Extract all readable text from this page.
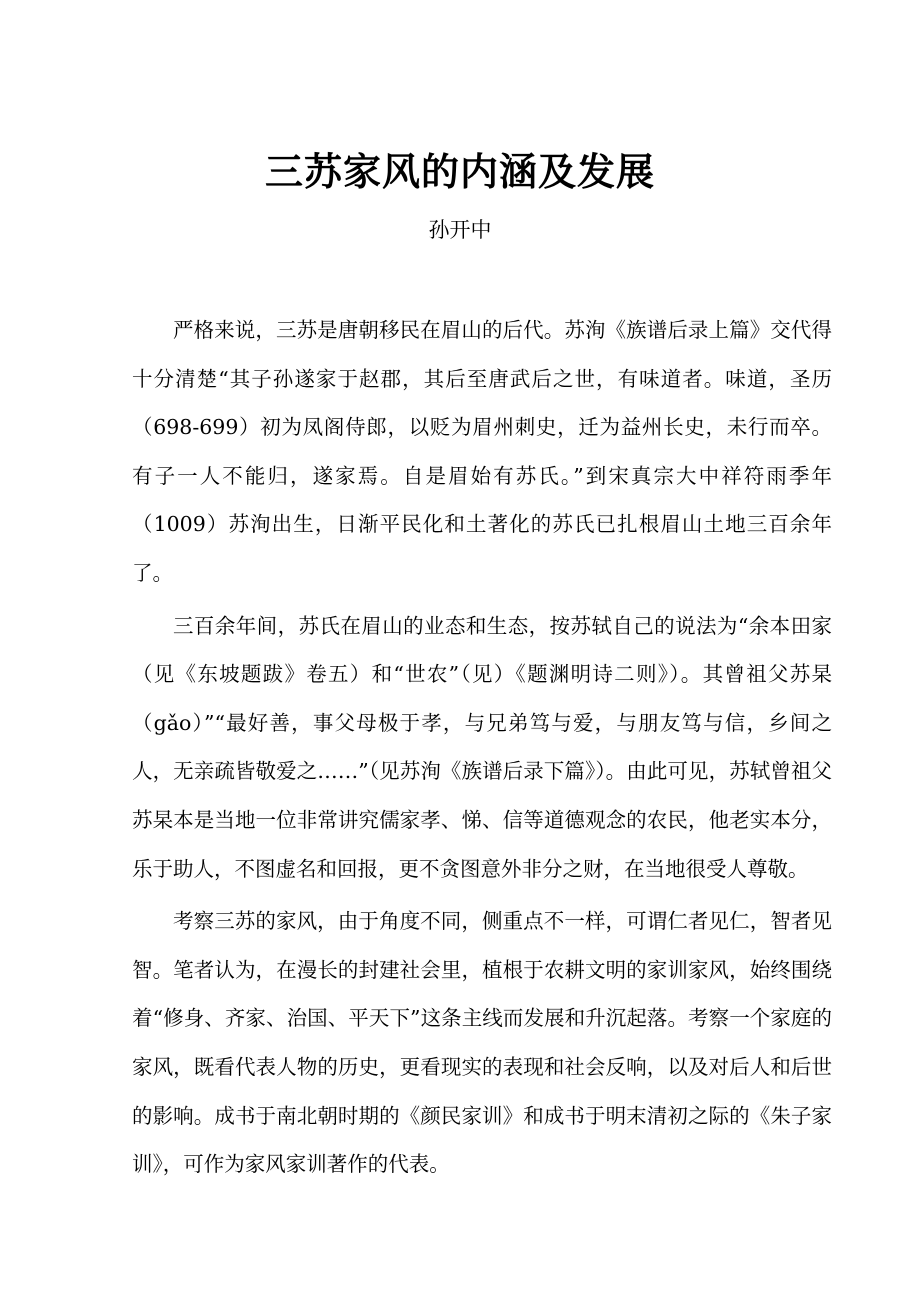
三苏家风的内涵及发展
孙开中

严格来说，三苏是唐朝移民在眉山的后代。苏洵《族谱后录上篇》交代得十分清楚“其子孙遂家于赵郡，其后至唐武后之世，有味道者。味道，圣历（698-699）初为凤阁侍郎，以贬为眉州刺史，迁为益州长史，未行而卒。有子一人不能归，遂家焉。自是眉始有苏氏。”到宋真宗大中祥符雨季年（1009）苏洵出生，日渐平民化和土著化的苏氏已扎根眉山土地三百余年了。

三百余年间，苏氏在眉山的业态和生态，按苏轼自己的说法为“余本田家（见《东坡题跋》卷五）和“世农”（见）《题渊明诗二则》）。其曾祖父苏杲（gǎo）”“最好善，事父母极于孝，与兄弟笃与爱，与朋友笃与信，乡间之人，无亲疏皆敬爱之……”（见苏洵《族谱后录下篇》）。由此可见，苏轼曾祖父苏杲本是当地一位非常讲究儒家孝、悌、信等道德观念的农民，他老实本分，乐于助人，不图虚名和回报，更不贪图意外非分之财，在当地很受人尊敬。

考察三苏的家风，由于角度不同，侧重点不一样，可谓仁者见仁，智者见智。笔者认为，在漫长的封建社会里，植根于农耕文明的家训家风，始终围绕着“修身、齐家、治国、平天下”这条主线而发展和升沉起落。考察一个家庭的家风，既看代表人物的历史，更看现实的表现和社会反响，以及对后人和后世的影响。成书于南北朝时期的《颜民家训》和成书于明末清初之际的《朱子家训》，可作为家风家训著作的代表。
